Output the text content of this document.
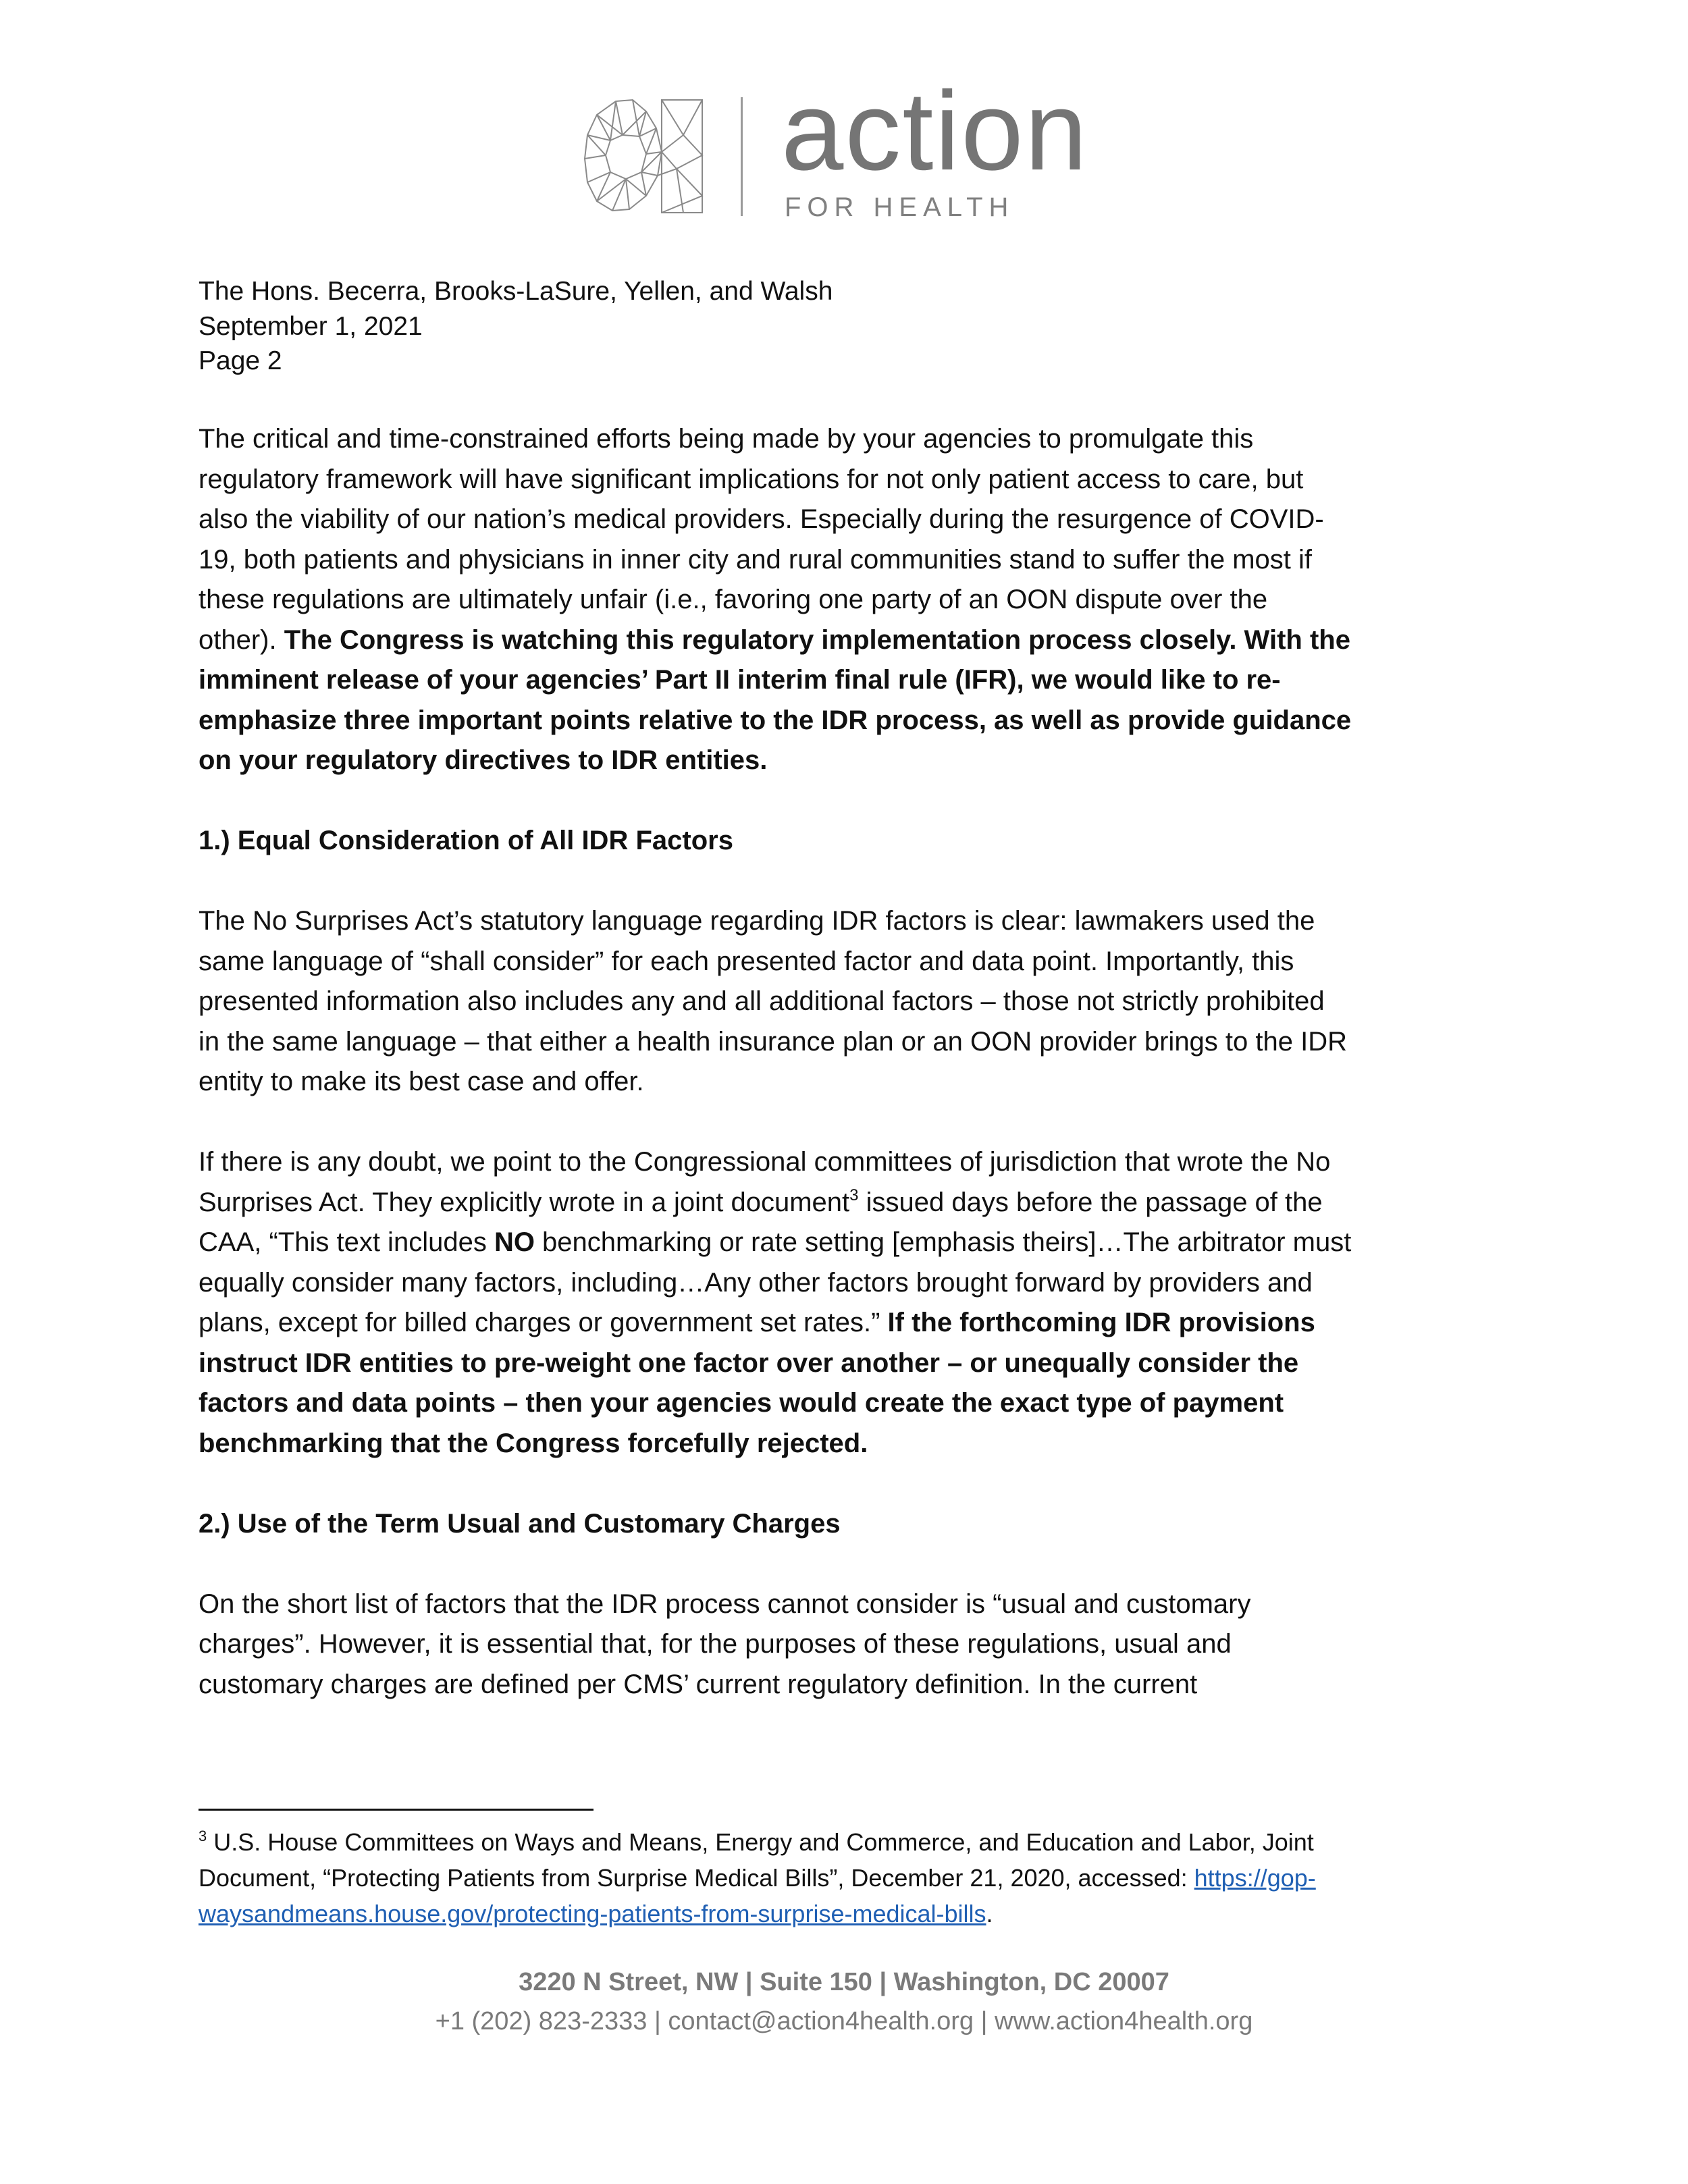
action
FOR HEALTH
The Hons. Becerra, Brooks-LaSure, Yellen, and Walsh
September 1, 2021
Page 2
The critical and time-constrained efforts being made by your agencies to promulgate this
regulatory framework will have significant implications for not only patient access to care, but
also the viability of our nation’s medical providers. Especially during the resurgence of COVID-
19, both patients and physicians in inner city and rural communities stand to suffer the most if
these regulations are ultimately unfair (i.e., favoring one party of an OON dispute over the
other). The Congress is watching this regulatory implementation process closely. With the
imminent release of your agencies’ Part II interim final rule (IFR), we would like to re-
emphasize three important points relative to the IDR process, as well as provide guidance
on your regulatory directives to IDR entities.
1.) Equal Consideration of All IDR Factors
The No Surprises Act’s statutory language regarding IDR factors is clear: lawmakers used the
same language of “shall consider” for each presented factor and data point. Importantly, this
presented information also includes any and all additional factors – those not strictly prohibited
in the same language – that either a health insurance plan or an OON provider brings to the IDR
entity to make its best case and offer.
If there is any doubt, we point to the Congressional committees of jurisdiction that wrote the No
Surprises Act. They explicitly wrote in a joint document$^3$ issued days before the passage of the
CAA, “This text includes NO benchmarking or rate setting [emphasis theirs]…The arbitrator must
equally consider many factors, including…Any other factors brought forward by providers and
plans, except for billed charges or government set rates.” If the forthcoming IDR provisions
instruct IDR entities to pre-weight one factor over another – or unequally consider the
factors and data points – then your agencies would create the exact type of payment
benchmarking that the Congress forcefully rejected.
2.) Use of the Term Usual and Customary Charges
On the short list of factors that the IDR process cannot consider is “usual and customary
charges”. However, it is essential that, for the purposes of these regulations, usual and
customary charges are defined per CMS’ current regulatory definition. In the current
$^3$ U.S. House Committees on Ways and Means, Energy and Commerce, and Education and Labor, Joint
Document, “Protecting Patients from Surprise Medical Bills”, December 21, 2020, accessed: https://gop-
waysandmeans.house.gov/protecting-patients-from-surprise-medical-bills.
3220 N Street, NW | Suite 150 | Washington, DC 20007
+1 (202) 823-2333 | contact@action4health.org | www.action4health.org
